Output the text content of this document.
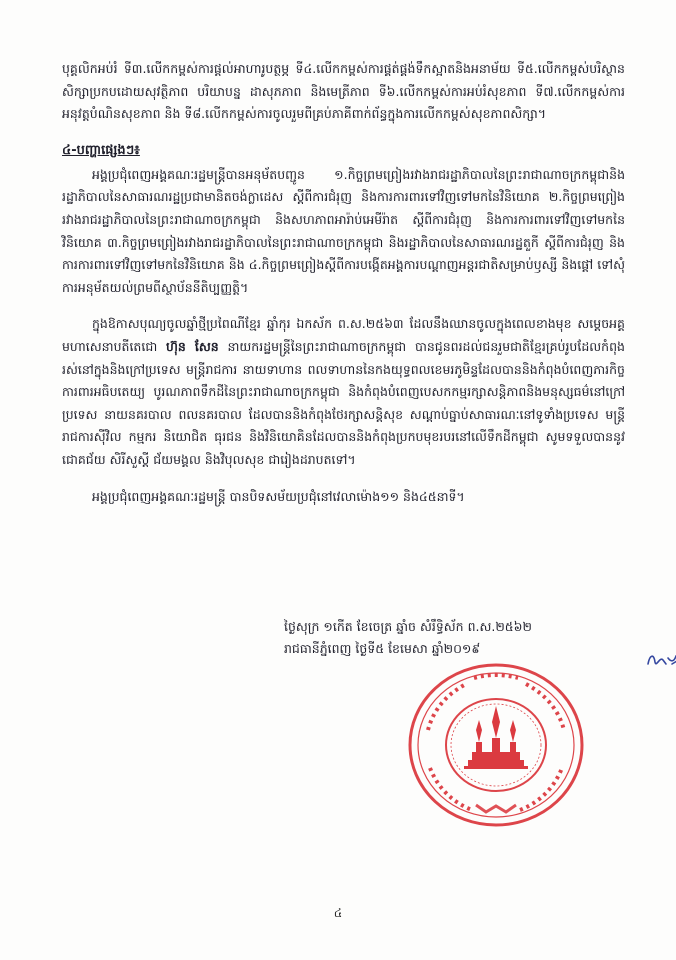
បុគ្គលិកអប់រំ ទី៣.លើកកម្ពស់ការផ្តល់អាហារូបត្ថម្ភ ទី៤.លើកកម្ពស់ការផ្គត់ផ្គង់ទឹកស្អាតនិងអនាម័យ ទី៥.លើកកម្ពស់បរិស្ថានសិក្សាប្រកបដោយសុវត្ថិភាព បរិយាបន្ន ដាសុភភាព និងមេត្រីភាព ទី៦.លើកកម្ពស់ការអប់រំសុខភាព ទី៧.លើកកម្ពស់ការអនុវត្តបំណិនសុខភាព និង ទី៨.លើកកម្ពស់ការចូលរួមពីគ្រប់ភាគីពាក់ព័ន្ធក្នុងការលើកកម្ពស់សុខភាពសិក្សា។

៤-បញ្ហាផ្សេងៗ៖

អង្គប្រជុំពេញអង្គគណៈរដ្ឋមន្ត្រីបានអនុម័តបញ្ជូន ១.កិច្ចព្រមព្រៀងរវាងរាជរដ្ឋាភិបាលនៃព្រះរាជាណាចក្រកម្ពុជានិងរដ្ឋាភិបាលនៃសាធារណរដ្ឋប្រជាមានិតចង់ក្លាដេស ស្តីពីការជំរុញ និងការការពារទៅវិញទៅមកនៃវិនិយោគ ២.កិច្ចព្រមព្រៀងរវាងរាជរដ្ឋាភិបាលនៃព្រះរាជាណាចក្រកម្ពុជា និងសហភាពអារ៉ាប់អេមីរ៉ាត ស្តីពីការជំរុញ និងការការពារទៅវិញទៅមកនៃវិនិយោគ ៣.កិច្ចព្រមព្រៀងរវាងរាជរដ្ឋាភិបាលនៃព្រះរាជាណាចក្រកម្ពុជា និងរដ្ឋាភិបាលនៃសាធារណរដ្ឋតួកី ស្តីពីការជំរុញ និងការការពារទៅវិញទៅមកនៃវិនិយោគ និង ៤.កិច្ចព្រមព្រៀងស្តីពីការបង្កើតអង្គការបណ្តាញអន្តរជាតិសម្រាប់ឫស្សី និងផ្តៅ ទៅសុំការអនុម័តយល់ព្រមពីស្ថាប័ននីតិប្បញ្ញត្តិ។

ក្នុងឱកាសបុណ្យចូលឆ្នាំថ្មីប្រពៃណីខ្មែរ ឆ្នាំកុរ ឯកស័ក ព.ស.២៥៦៣ ដែលនឹងឈានចូលក្នុងពេលខាងមុខ សម្តេចអគ្គមហាសេនាបតីតេជោ ហ៊ុន សែន នាយករដ្ឋមន្ត្រីនៃព្រះរាជាណាចក្រកម្ពុជា បានជូនពរដល់ជនរួមជាតិខ្មែរគ្រប់រូបដែលកំពុងរស់នៅក្នុងនិងក្រៅប្រទេស មន្ត្រីរាជការ នាយទាហាន ពលទាហាននៃកងយុទ្ធពលខេមរភូមិន្ទដែលបាននិងកំពុងបំពេញភារកិច្ចការពារអធិបតេយ្យ បូរណភាពទឹកដីនៃព្រះរាជាណាចក្រកម្ពុជា និងកំពុងបំពេញបេសកកម្មរក្សាសន្តិភាពនិងមនុស្សធម៌នៅក្រៅប្រទេស នាយនគរបាល ពលនគរបាល ដែលបាននិងកំពុងថែរក្សាសន្តិសុខ សណ្តាប់ធ្នាប់សាធារណៈនៅទូទាំងប្រទេស មន្ត្រីរាជការស៊ីវិល កម្មករ និយោជិត ធុរជន និងវិនិយោគិនដែលបាននិងកំពុងប្រកបមុខរបរនៅលើទឹកដីកម្ពុជា សូមទទួលបាននូវជោគជ័យ សិរីសួស្តី ជ័យមង្គល និងវិបុលសុខ ជារៀងដរាបតទៅ។

អង្គប្រជុំពេញអង្គគណៈរដ្ឋមន្ត្រី បានបិទសម័យប្រជុំនៅវេលាម៉ោង១១ និង៤៥នាទី។

ថ្ងៃសុក្រ ១កើត ខែចេត្រ ឆ្នាំច សំរឹទ្ធិស័ក ព.ស.២៥៦២
រាជធានីភ្នំពេញ ថ្ងៃទី៥ ខែមេសា ឆ្នាំ២០១៩
៤
